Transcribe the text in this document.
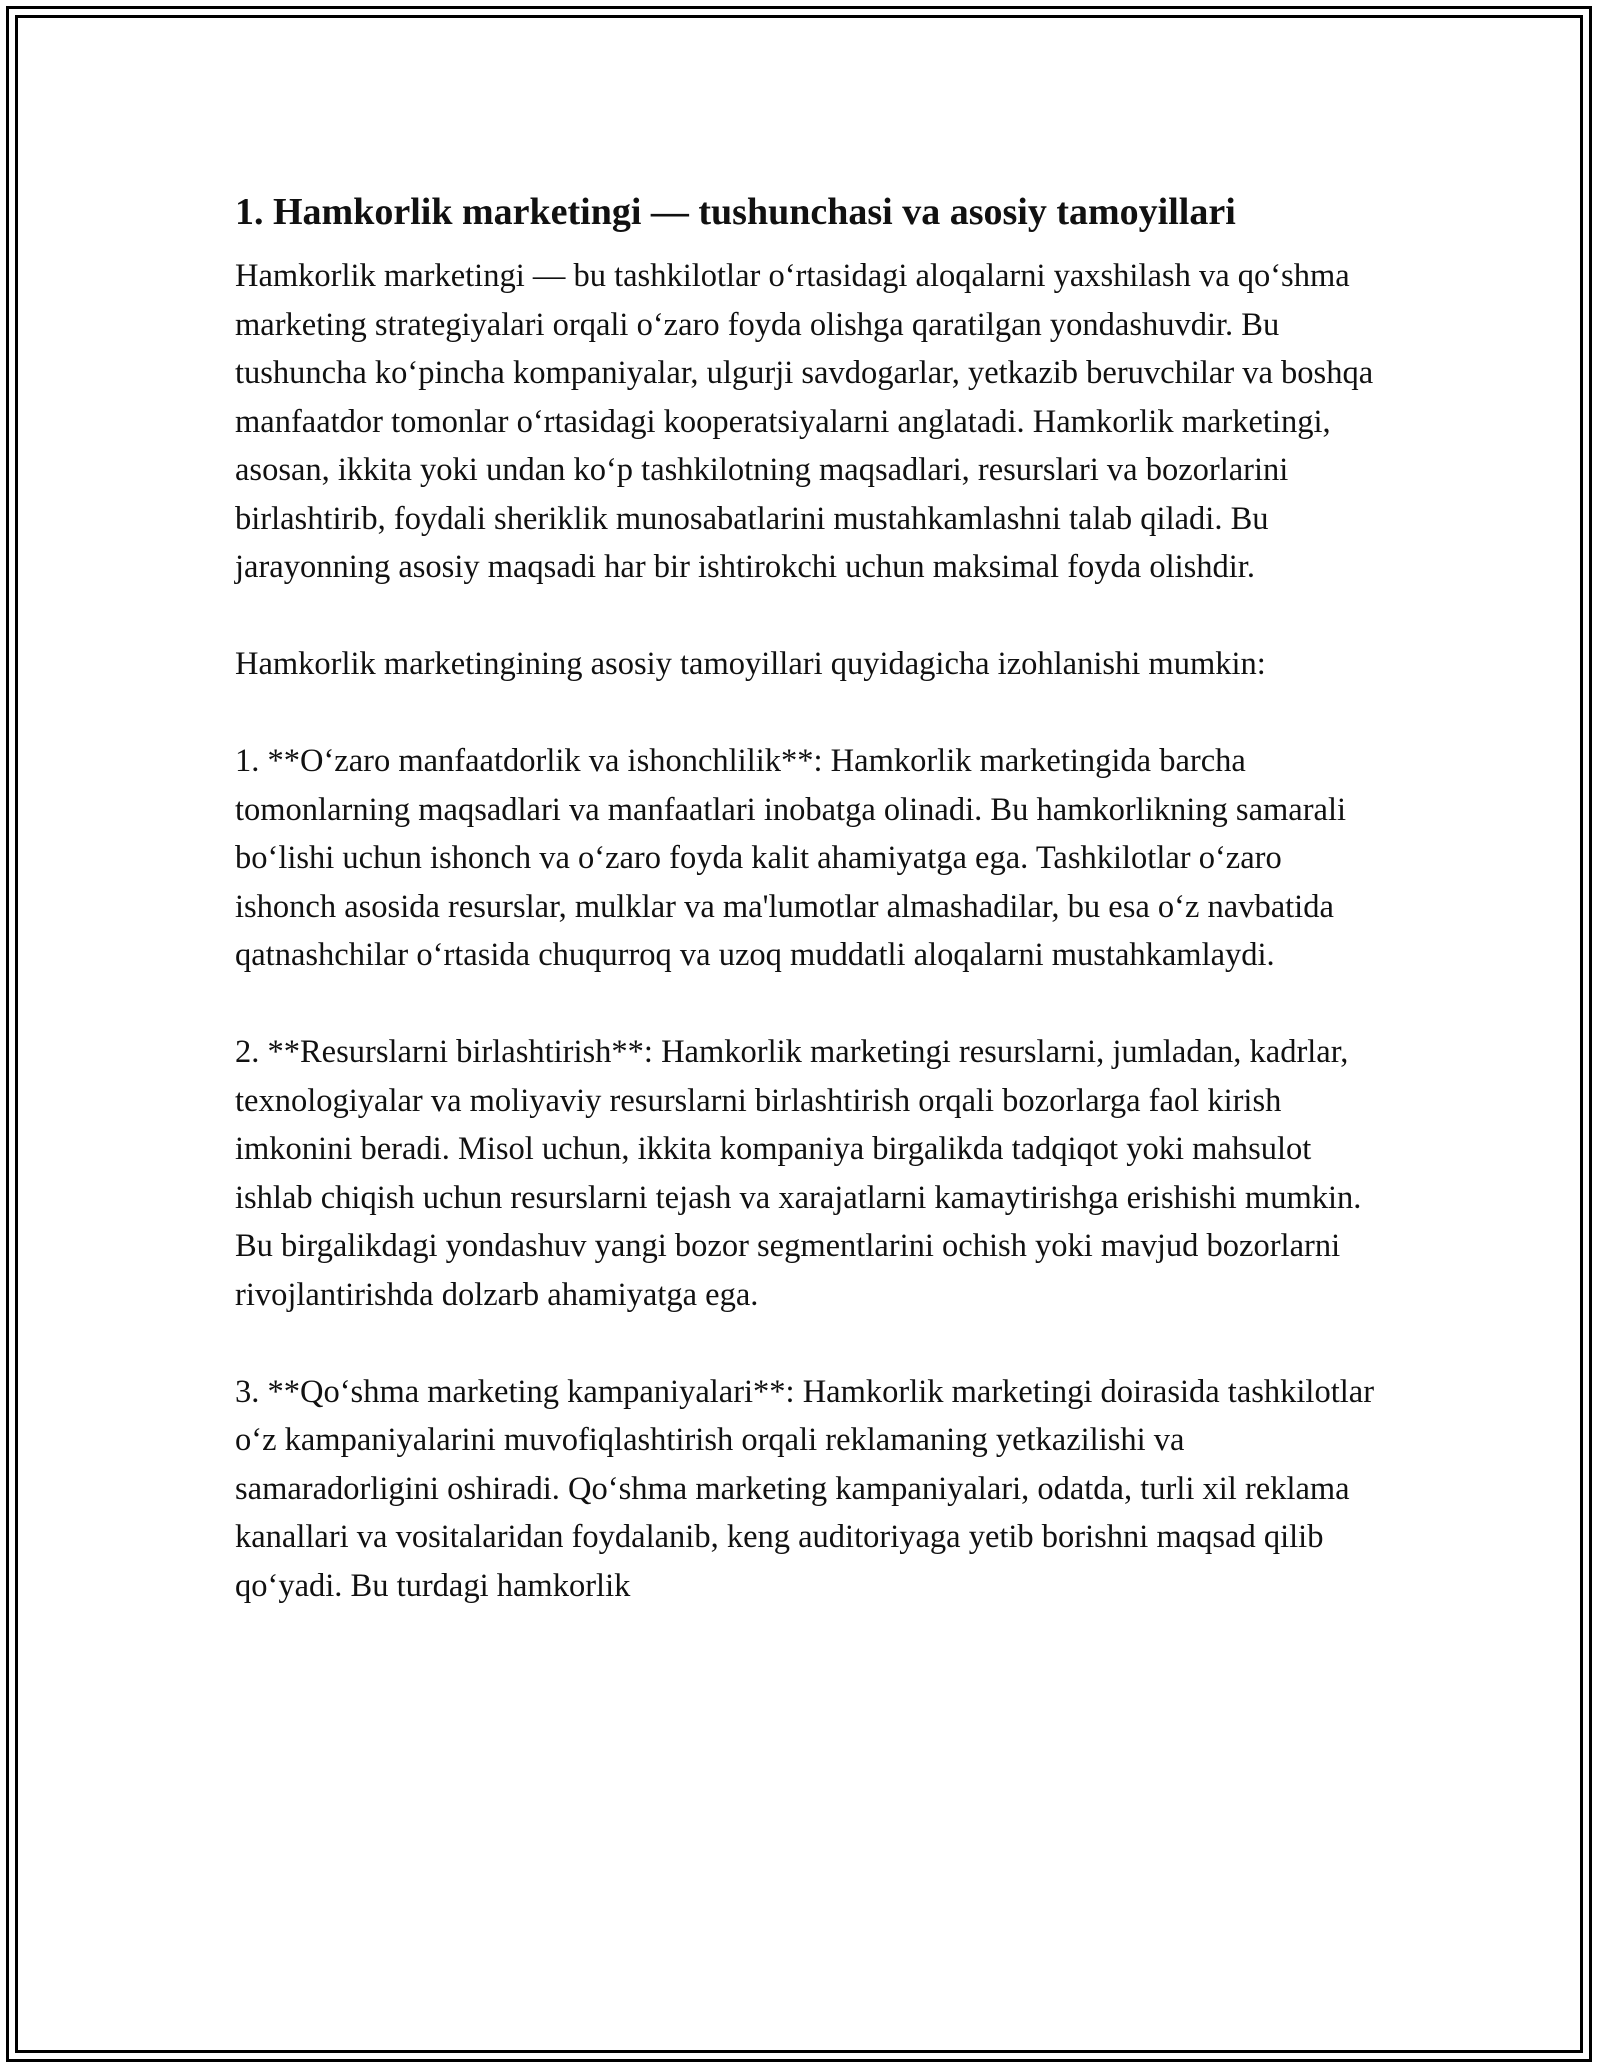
1. Hamkorlik marketingi — tushunchasi va asosiy tamoyillari

Hamkorlik marketingi — bu tashkilotlar o‘rtasidagi aloqalarni yaxshilash va qo‘shma marketing strategiyalari orqali o‘zaro foyda olishga qaratilgan yondashuvdir. Bu tushuncha ko‘pincha kompaniyalar, ulgurji savdogarlar, yetkazib beruvchilar va boshqa manfaatdor tomonlar o‘rtasidagi kooperatsiyalarni anglatadi. Hamkorlik marketingi, asosan, ikkita yoki undan ko‘p tashkilotning maqsadlari, resurslari va bozorlarini birlashtirib, foydali sheriklik munosabatlarini mustahkamlashni talab qiladi. Bu jarayonning asosiy maqsadi har bir ishtirokchi uchun maksimal foyda olishdir.

Hamkorlik marketingining asosiy tamoyillari quyidagicha izohlanishi mumkin:

1. **O‘zaro manfaatdorlik va ishonchlilik**: Hamkorlik marketingida barcha tomonlarning maqsadlari va manfaatlari inobatga olinadi. Bu hamkorlikning samarali bo‘lishi uchun ishonch va o‘zaro foyda kalit ahamiyatga ega. Tashkilotlar o‘zaro ishonch asosida resurslar, mulklar va ma'lumotlar almashadilar, bu esa o‘z navbatida qatnashchilar o‘rtasida chuqurroq va uzoq muddatli aloqalarni mustahkamlaydi.

2. **Resurslarni birlashtirish**: Hamkorlik marketingi resurslarni, jumladan, kadrlar, texnologiyalar va moliyaviy resurslarni birlashtirish orqali bozorlarga faol kirish imkonini beradi. Misol uchun, ikkita kompaniya birgalikda tadqiqot yoki mahsulot ishlab chiqish uchun resurslarni tejash va xarajatlarni kamaytirishga erishishi mumkin. Bu birgalikdagi yondashuv yangi bozor segmentlarini ochish yoki mavjud bozorlarni rivojlantirishda dolzarb ahamiyatga ega.

3. **Qo‘shma marketing kampaniyalari**: Hamkorlik marketingi doirasida tashkilotlar o‘z kampaniyalarini muvofiqlashtirish orqali reklamaning yetkazilishi va samaradorligini oshiradi. Qo‘shma marketing kampaniyalari, odatda, turli xil reklama kanallari va vositalaridan foydalanib, keng auditoriyaga yetib borishni maqsad qilib qo‘yadi. Bu turdagi hamkorlik
